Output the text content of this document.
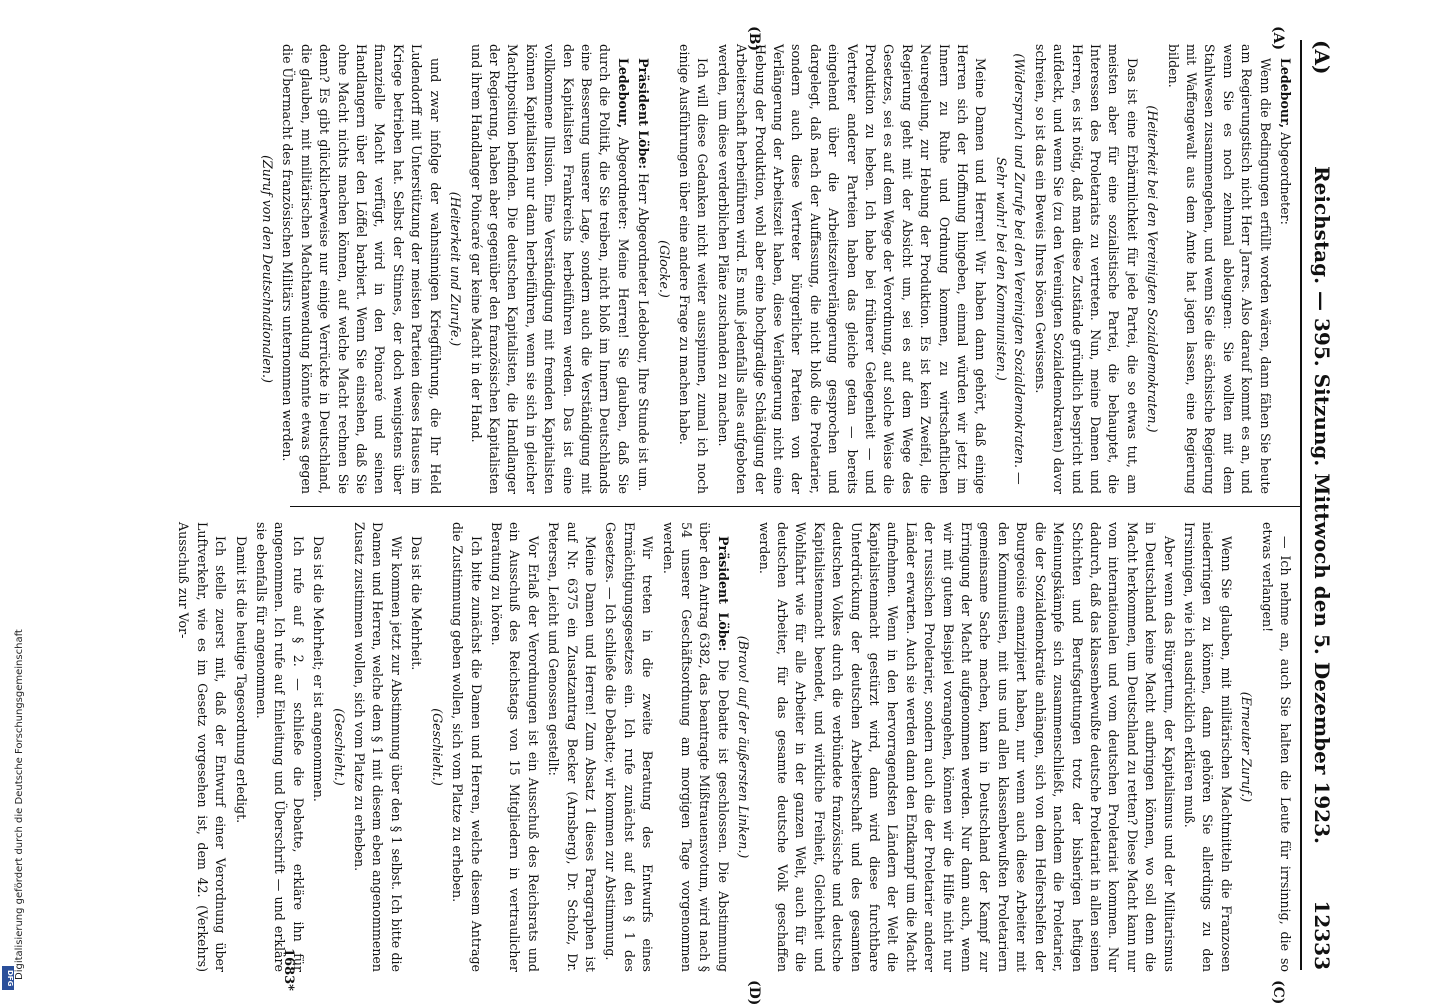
(A)
Reichstag. — 395. Sitzung. Mittwoch den 5. Dezember 1923.
12333
(A)
(B)
(C)
(D)

Ledebour, Abgeordneter:

Wenn die Bedingungen erfüllt worden wären, dann fähen Sie heute am Regierungstisch nicht Herr Jarres. Also darauf kommt es an, und wenn Sie es noch zehnmal ableugnen: Sie wollten mit dem Stahlwesen zusammengehen, und wenn Sie die sächsische Regierung mit Waffengewalt aus dem Amte hat jagen lassen, eine Regierung bilden.

(Heiterkeit bei den Vereinigten Sozialdemokraten.)

Das ist eine Erbärmlichkeit für jede Partei, die so etwas tut, am meisten aber für eine sozialistische Partei, die behauptet, die Interessen des Proletariats zu vertreten. Nun, meine Damen und Herren, es ist nötig, daß man diese Zustände gründlich bespricht und aufdeckt, und wenn Sie (zu den Vereinigten Sozialdemokraten) davor schreien, so ist das ein Beweis Ihres bösen Gewissens.

(Widerspruch und Zurufe bei den Vereinigten Sozialdemokraten. — Sehr wahr! bei den Kommunisten.)

Meine Damen und Herren! Wir haben dann gehört, daß einige Herren sich der Hoffnung hingeben, einmal würden wir jetzt im Innern zu Ruhe und Ordnung kommen, zu wirtschaftlichen Neuregelung, zur Hebung der Produktion. Es ist kein Zweifel, die Regierung geht mit der Absicht um, sei es auf dem Wege des Gesetzes, sei es auf dem Wege der Verordnung, auf solche Weise die Produktion zu heben. Ich habe bei früherer Gelegenheit — und Vertreter anderer Parteien haben das gleiche getan — bereits eingehend über die Arbeitszeitverlängerung gesprochen und dargelegt, daß nach der Auffassung, die nicht bloß die Proletarier, sondern auch diese Vertreter bürgerlicher Parteien von der Verlängerung der Arbeitszeit haben, diese Verlängerung nicht eine Hebung der Produktion, wohl aber eine hochgradige Schädigung der Arbeiterschaft herbeiführen wird. Es muß jedenfalls alles aufgeboten werden, um diese verderblichen Pläne zuschanden zu machen.

Ich will diese Gedanken nicht weiter ausspinnen, zumal ich noch einige Ausführungen über eine andere Frage zu machen habe.

(Glocke.)

Präsident Löbe: Herr Abgeordneter Ledebour, Ihre Stunde ist um.

Ledebour, Abgeordneter: Meine Herren! Sie glauben, daß Sie durch die Politik, die Sie treiben, nicht bloß im Innern Deutschlands eine Besserung unserer Lage, sondern auch die Verständigung mit den Kapitalisten Frankreichs herbeiführen werden. Das ist eine vollkommene Illusion. Eine Verständigung mit fremden Kapitalisten können Kapitalisten nur dann herbeiführen, wenn sie sich in gleicher Machtposition befinden. Die deutschen Kapitalisten, die Handlanger der Regierung, haben aber gegenüber den französischen Kapitalisten und ihrem Handlanger Poincaré gar keine Macht in der Hand.

(Heiterkeit und Zurufe.)

und zwar infolge der wahnsinnigen Kriegführung, die Ihr Held Ludendorff mit Unterstützung der meisten Parteien dieses Hauses im Kriege betrieben hat. Selbst der Stinnes, der doch wenigstens über finanzielle Macht verfügt, wird in den Poincaré und seinen Handlangern über den Löffel barbiert. Wenn Sie einsehen, daß Sie ohne Macht nichts machen können, auf welche Macht rechnen Sie denn? Es gibt glücklicherweise nur einige Verrückte in Deutschland, die glauben, mit militärischen Machtanwendung könnte etwas gegen die Übermacht des französischen Militärs unternommen werden.

(Zuruf von den Deutschnationalen.)

— Ich nehme an, auch Sie halten die Leute für irrsinnig, die so etwas verlangen!

(Erneuter Zuruf.)

Wenn Sie glauben, mit militärischen Machtmitteln die Franzosen niederringen zu können, dann gehören Sie allerdings zu den Irrsinnigen, wie ich ausdrücklich erklären muß.

Aber wenn das Bürgertum, der Kapitalismus und der Militarismus in Deutschland keine Macht aufbringen können, wo soll denn die Macht herkommen, um Deutschland zu retten? Diese Macht kann nur vom internationalen und vom deutschen Proletariat kommen. Nur dadurch, daß das klassenbewußte deutsche Proletariat in allen seinen Schichten und Berufsgattungen trotz der bisherigen heftigen Meinungskämpfe sich zusammenschließt, nachdem die Proletarier, die der Sozialdemokratie anhängen, sich von dem Helfershelfen der Bourgeoisie emanzipiert haben, nur wenn auch diese Arbeiter mit den Kommunisten, mit uns und allen klassenbewußten Proletariern gemeinsame Sache machen, kann in Deutschland der Kampf zur Erringung der Macht aufgenommen werden. Nur dann auch, wenn wir mit gutem Beispiel vorangehen, können wir die Hilfe nicht nur der russischen Proletarier, sondern auch die der Proletarier anderer Länder erwarten. Auch sie werden dann den Endkampf um die Macht aufnehmen. Wenn in den hervorragendsten Ländern der Welt die Kapitalistenmacht gestürzt wird, dann wird diese furchtbare Unterdrückung der deutschen Arbeiterschaft und des gesamten deutschen Volkes durch die verbündete französische und deutsche Kapitalistenmacht beendet, und wirkliche Freiheit, Gleichheit und Wohlfahrt wie für alle Arbeiter in der ganzen Welt, auch für die deutschen Arbeiter, für das gesamte deutsche Volk geschaffen werden.

(Bravo! auf der äußersten Linken.)

Präsident Löbe: Die Debatte ist geschlossen. Die Abstimmung über den Antrag 6382, das beantragte Mißtrauensvotum, wird nach § 54 unserer Geschäftsordnung am morgigen Tage vorgenommen werden.

Wir treten in die zweite Beratung des Entwurfs eines Ermächtigungsgesetzes ein. Ich rufe zunächst auf den § 1 des Gesetzes. — Ich schließe die Debatte; wir kommen zur Abstimmung.

Meine Damen und Herren! Zum Absatz 1 dieses Paragraphen ist auf Nr. 6375 ein Zusatzantrag Becker (Arnsberg), Dr. Scholz, Dr. Petersen, Leicht und Genossen gestellt:

Vor Erlaß der Verordnungen ist ein Ausschuß des Reichsrats und ein Ausschuß des Reichstags von 15 Mitgliedern in vertraulicher Beratung zu hören.

Ich bitte zunächst die Damen und Herren, welche diesem Antrage die Zustimmung geben wollen, sich vom Platze zu erheben.

(Geschieht.)

Das ist die Mehrheit.

Wir kommen jetzt zur Abstimmung über den § 1 selbst. Ich bitte die Damen und Herren, welche dem § 1 mit diesem eben angenommenen Zusatz zustimmen wollen, sich vom Platze zu erheben.

(Geschieht.)

Das ist die Mehrheit; er ist angenommen.

Ich rufe auf § 2. — schließe die Debatte, erkläre ihn für angenommen. Ich rufe auf Einleitung und Überschrift — und erkläre sie ebenfalls für angenommen.

Damit ist die heutige Tagesordnung erledigt.

Ich stelle zuerst mit, daß der Entwurf einer Verordnung über Luftverkehr, wie es im Gesetz vorgesehen ist, dem 42. (Verkehrs) Ausschuß zur Vor-

1683*
Digitalisierung gefördert durch die Deutsche Forschungsgemeinschaft
DFG
